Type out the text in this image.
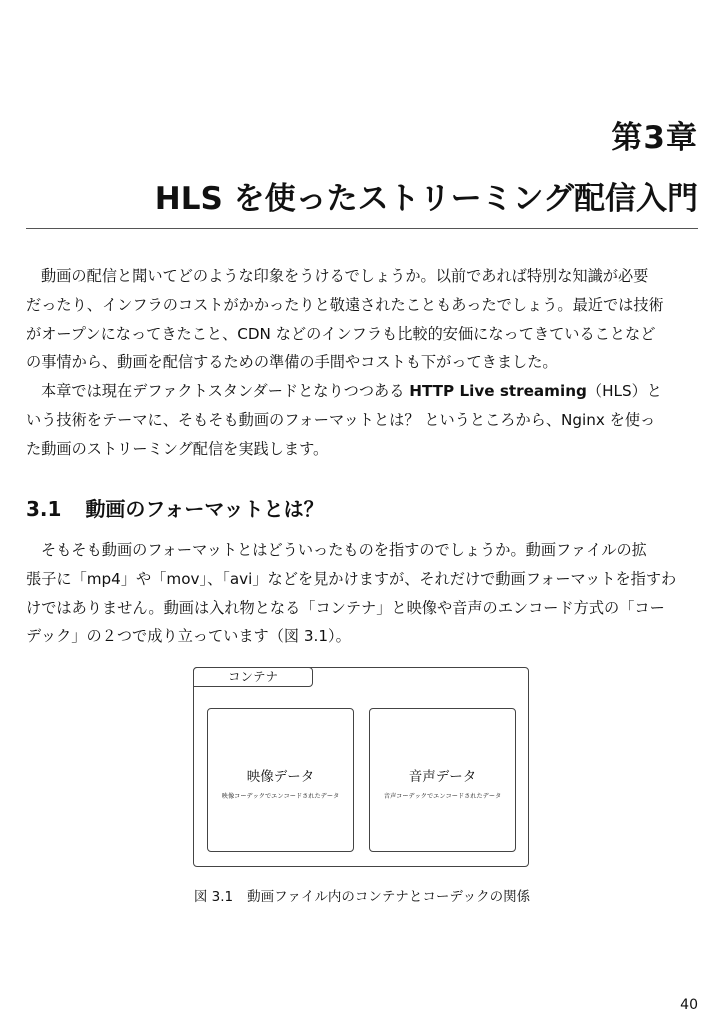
第3章
HLS を使ったストリーミング配信入門
動画の配信と聞いてどのような印象をうけるでしょうか。以前であれば特別な知識が必要
だったり、インフラのコストがかかったりと敬遠されたこともあったでしょう。最近では技術
がオープンになってきたこと、CDN などのインフラも比較的安価になってきていることなど
の事情から、動画を配信するための準備の手間やコストも下がってきました。
本章では現在デファクトスタンダードとなりつつある HTTP Live streaming（HLS）と
いう技術をテーマに、そもそも動画のフォーマットとは？ というところから、Nginx を使っ
た動画のストリーミング配信を実践します。
3.1 動画のフォーマットとは？
そもそも動画のフォーマットとはどういったものを指すのでしょうか。動画ファイルの拡
張子に「mp4」や「mov」、「avi」などを見かけますが、それだけで動画フォーマットを指すわ
けではありません。動画は入れ物となる「コンテナ」と映像や音声のエンコード方式の「コー
デック」の２つで成り立っています（図 3.1）。
コンテナ
映像データ
映像コーデックでエンコードされたデータ
音声データ
音声コーデックでエンコードされたデータ
図 3.1 動画ファイル内のコンテナとコーデックの関係
40
